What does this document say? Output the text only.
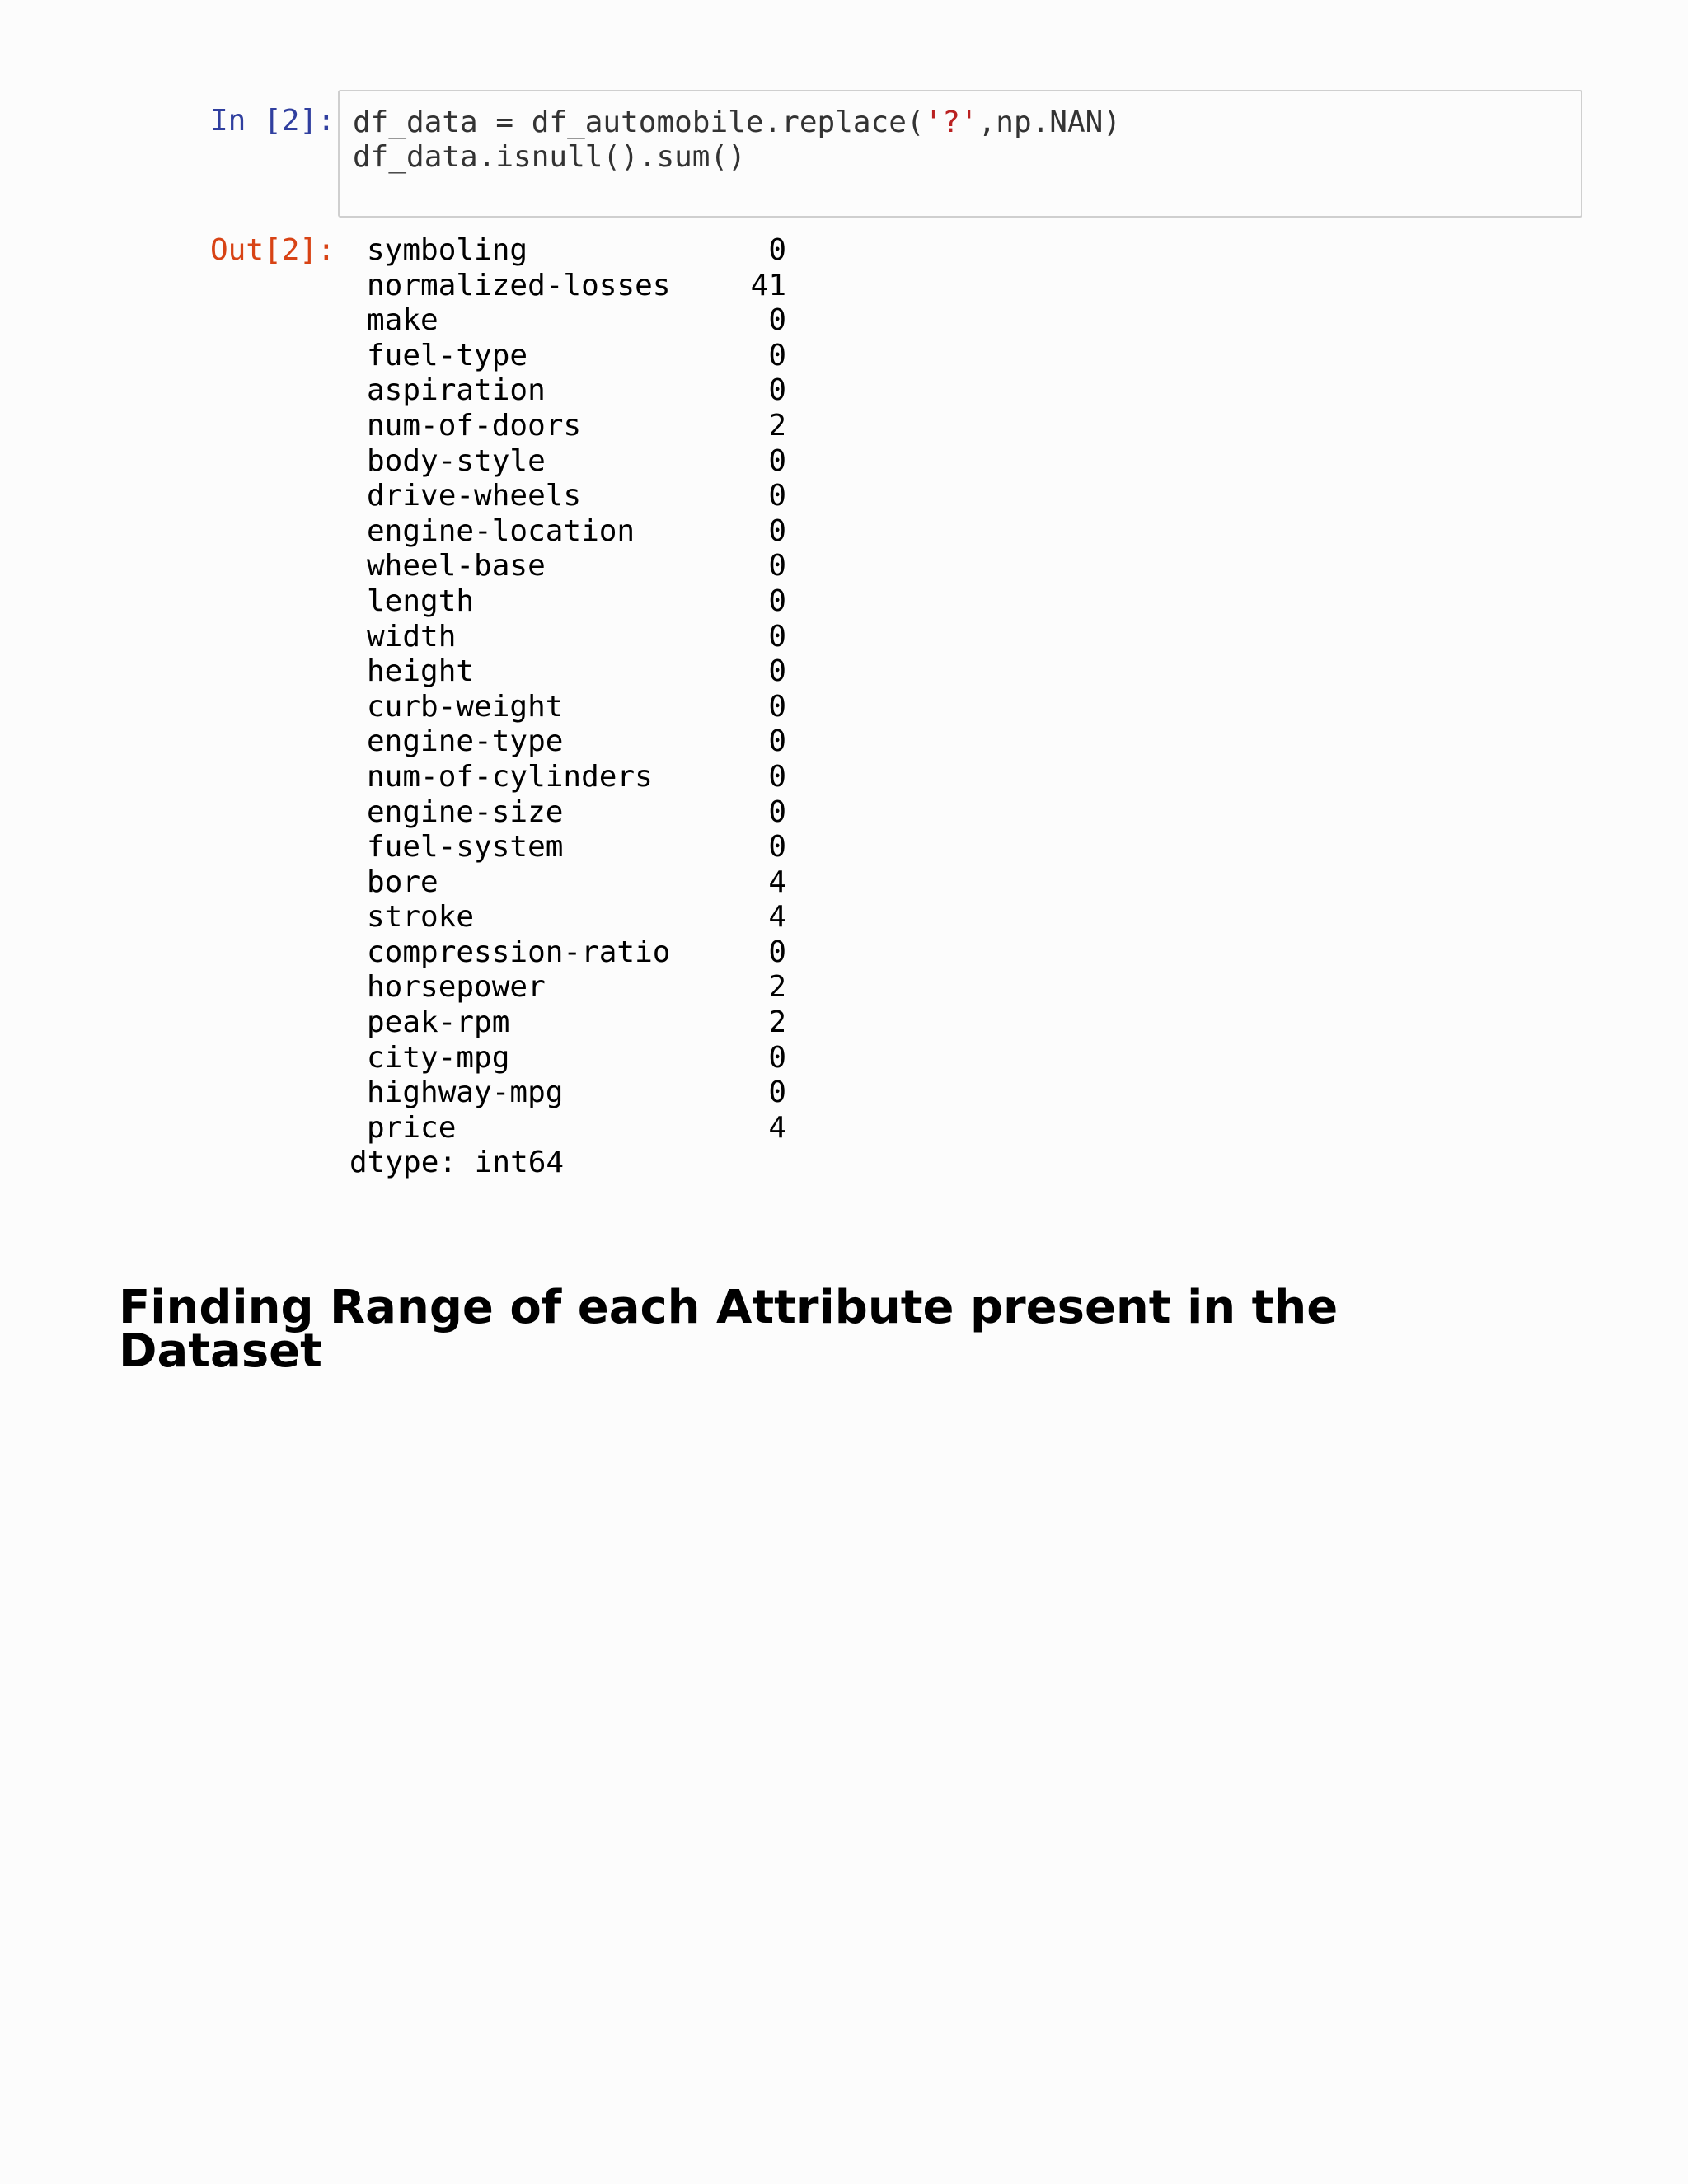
In [2]: df_data = df_automobile.replace('?',np.NAN)
df_data.isnull().sum()
Out[2]: symboling	0
normalized-losses	41
make	0
fuel-type	0
aspiration	0
num-of-doors	2
body-style	0
drive-wheels	0
engine-location	0
wheel-base	0
length	0
width	0
height	0
curb-weight	0
engine-type	0
num-of-cylinders	0
engine-size	0
fuel-system	0
bore	4
stroke	4
compression-ratio	0
horsepower	2
peak-rpm	2
city-mpg	0
highway-mpg	0
price	4
dtype: int64
Finding Range of each Attribute present in the Dataset
